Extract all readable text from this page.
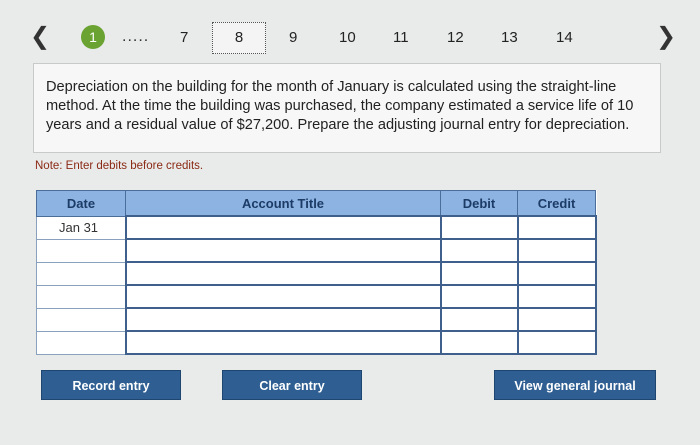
❮	1	..... 7	8	9	10 11	12 13	14	❯
Depreciation on the building for the month of January is calculated using the straight-line method. At the time the building was purchased, the company estimated a service life of 10 years and a residual value of $27,200. Prepare the adjusting journal entry for depreciation.
Note: Enter debits before credits.
Date	Account Title	Debit	Credit
Jan 31			

Record entry	Clear entry	View general journal
